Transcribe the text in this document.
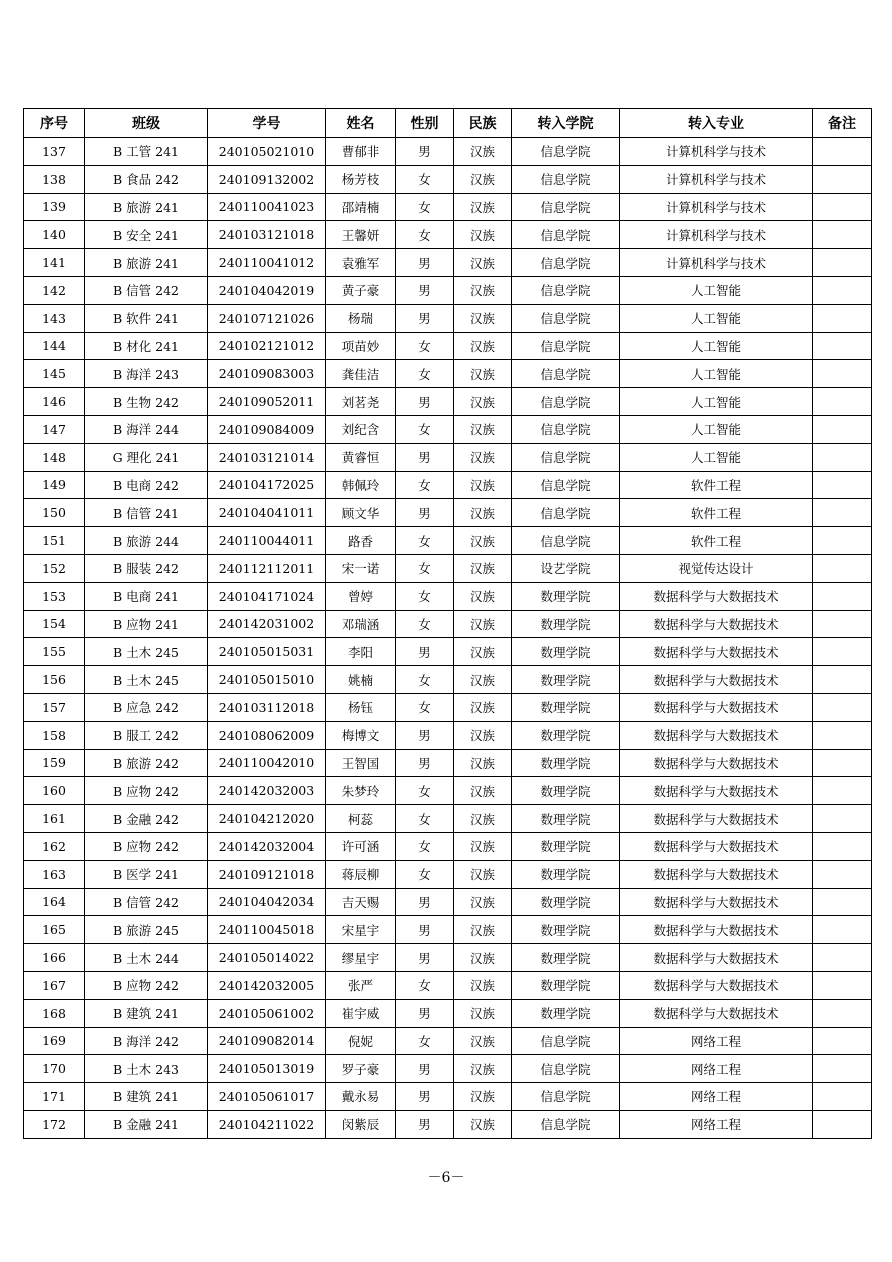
序号	班级	学号	姓名	性别	民族	转入学院	转入专业	备注
137	B 工管 241	240105021010	曹郁非	男	汉族	信息学院	计算机科学与技术	
138	B 食品 242	240109132002	杨芳枝	女	汉族	信息学院	计算机科学与技术	
139	B 旅游 241	240110041023	邵靖楠	女	汉族	信息学院	计算机科学与技术	
140	B 安全 241	240103121018	王馨妍	女	汉族	信息学院	计算机科学与技术	
141	B 旅游 241	240110041012	袁雅军	男	汉族	信息学院	计算机科学与技术	
142	B 信管 242	240104042019	黄子豪	男	汉族	信息学院	人工智能	
143	B 软件 241	240107121026	杨瑞	男	汉族	信息学院	人工智能	
144	B 材化 241	240102121012	项苗妙	女	汉族	信息学院	人工智能	
145	B 海洋 243	240109083003	龚佳洁	女	汉族	信息学院	人工智能	
146	B 生物 242	240109052011	刘茗尧	男	汉族	信息学院	人工智能	
147	B 海洋 244	240109084009	刘纪含	女	汉族	信息学院	人工智能	
148	G 理化 241	240103121014	黄睿恒	男	汉族	信息学院	人工智能	
149	B 电商 242	240104172025	韩佩玲	女	汉族	信息学院	软件工程	
150	B 信管 241	240104041011	顾文华	男	汉族	信息学院	软件工程	
151	B 旅游 244	240110044011	路香	女	汉族	信息学院	软件工程	
152	B 服装 242	240112112011	宋一诺	女	汉族	设艺学院	视觉传达设计	
153	B 电商 241	240104171024	曾婷	女	汉族	数理学院	数据科学与大数据技术	
154	B 应物 241	240142031002	邓瑞涵	女	汉族	数理学院	数据科学与大数据技术	
155	B 土木 245	240105015031	李阳	男	汉族	数理学院	数据科学与大数据技术	
156	B 土木 245	240105015010	姚楠	女	汉族	数理学院	数据科学与大数据技术	
157	B 应急 242	240103112018	杨钰	女	汉族	数理学院	数据科学与大数据技术	
158	B 服工 242	240108062009	梅博文	男	汉族	数理学院	数据科学与大数据技术	
159	B 旅游 242	240110042010	王智国	男	汉族	数理学院	数据科学与大数据技术	
160	B 应物 242	240142032003	朱梦玲	女	汉族	数理学院	数据科学与大数据技术	
161	B 金融 242	240104212020	柯蕊	女	汉族	数理学院	数据科学与大数据技术	
162	B 应物 242	240142032004	许可涵	女	汉族	数理学院	数据科学与大数据技术	
163	B 医学 241	240109121018	蒋辰柳	女	汉族	数理学院	数据科学与大数据技术	
164	B 信管 242	240104042034	吉天赐	男	汉族	数理学院	数据科学与大数据技术	
165	B 旅游 245	240110045018	宋星宇	男	汉族	数理学院	数据科学与大数据技术	
166	B 土木 244	240105014022	缪星宇	男	汉族	数理学院	数据科学与大数据技术	
167	B 应物 242	240142032005	张严	女	汉族	数理学院	数据科学与大数据技术	
168	B 建筑 241	240105061002	崔宇威	男	汉族	数理学院	数据科学与大数据技术	
169	B 海洋 242	240109082014	倪妮	女	汉族	信息学院	网络工程	
170	B 土木 243	240105013019	罗子豪	男	汉族	信息学院	网络工程	
171	B 建筑 241	240105061017	戴永易	男	汉族	信息学院	网络工程	
172	B 金融 241	240104211022	闵紫辰	男	汉族	信息学院	网络工程	
－6－
